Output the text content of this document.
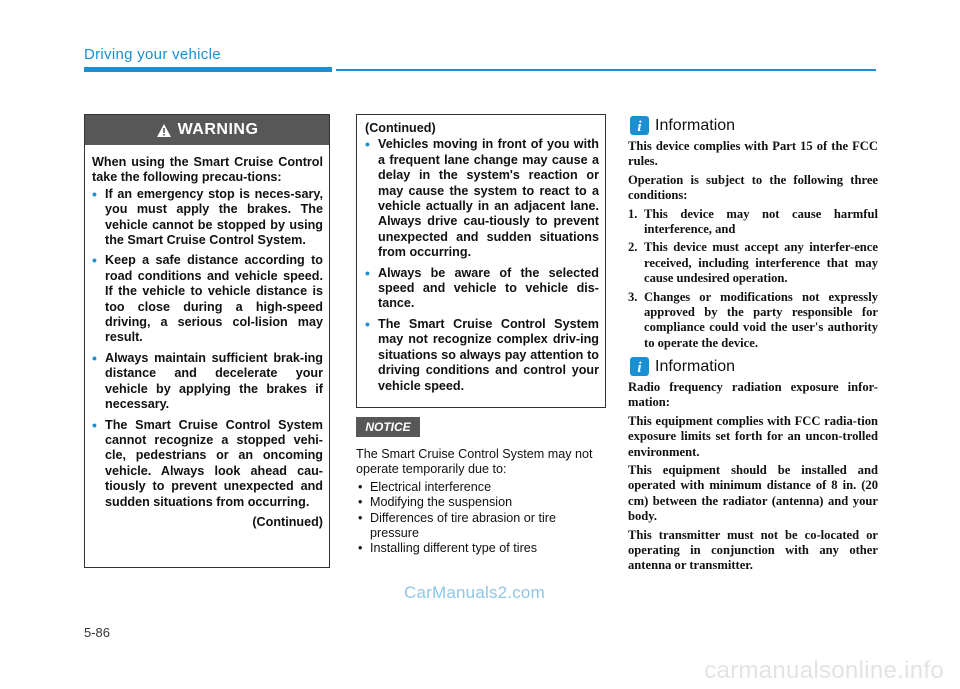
Driving your vehicle
WARNING

When using the Smart Cruise Control take the following precau-tions:

• If an emergency stop is neces-sary, you must apply the brakes. The vehicle cannot be stopped by using the Smart Cruise Control System.
• Keep a safe distance according to road conditions and vehicle speed. If the vehicle to vehicle distance is too close during a high-speed driving, a serious col-lision may result.
• Always maintain sufficient brak-ing distance and decelerate your vehicle by applying the brakes if necessary.
• The Smart Cruise Control System cannot recognize a stopped vehi-cle, pedestrians or an oncoming vehicle. Always look ahead cau-tiously to prevent unexpected and sudden situations from occurring.
(Continued)

(Continued)

• Vehicles moving in front of you with a frequent lane change may cause a delay in the system's reaction or may cause the system to react to a vehicle actually in an adjacent lane. Always drive cau-tiously to prevent unexpected and sudden situations from occurring.
• Always be aware of the selected speed and vehicle to vehicle dis-tance.
• The Smart Cruise Control System may not recognize complex driv-ing situations so always pay attention to driving conditions and control your vehicle speed.
NOTICE
The Smart Cruise Control System may not operate temporarily due to:
• Electrical interference
• Modifying the suspension
• Differences of tire abrasion or tire pressure
• Installing different type of tires
i Information

This device complies with Part 15 of the FCC rules.

Operation is subject to the following three conditions:

1. This device may not cause harmful interference, and
2. This device must accept any interfer-ence received, including interference that may cause undesired operation.
3. Changes or modifications not expressly approved by the party responsible for compliance could void the user's authority to operate the device.
i Information

Radio frequency radiation exposure infor-mation:

This equipment complies with FCC radia-tion exposure limits set forth for an uncon-trolled environment.

This equipment should be installed and operated with minimum distance of 8 in. (20 cm) between the radiator (antenna) and your body.

This transmitter must not be co-located or operating in conjunction with any other antenna or transmitter.

CarManuals2.com
5-86
carmanualsonline.info
